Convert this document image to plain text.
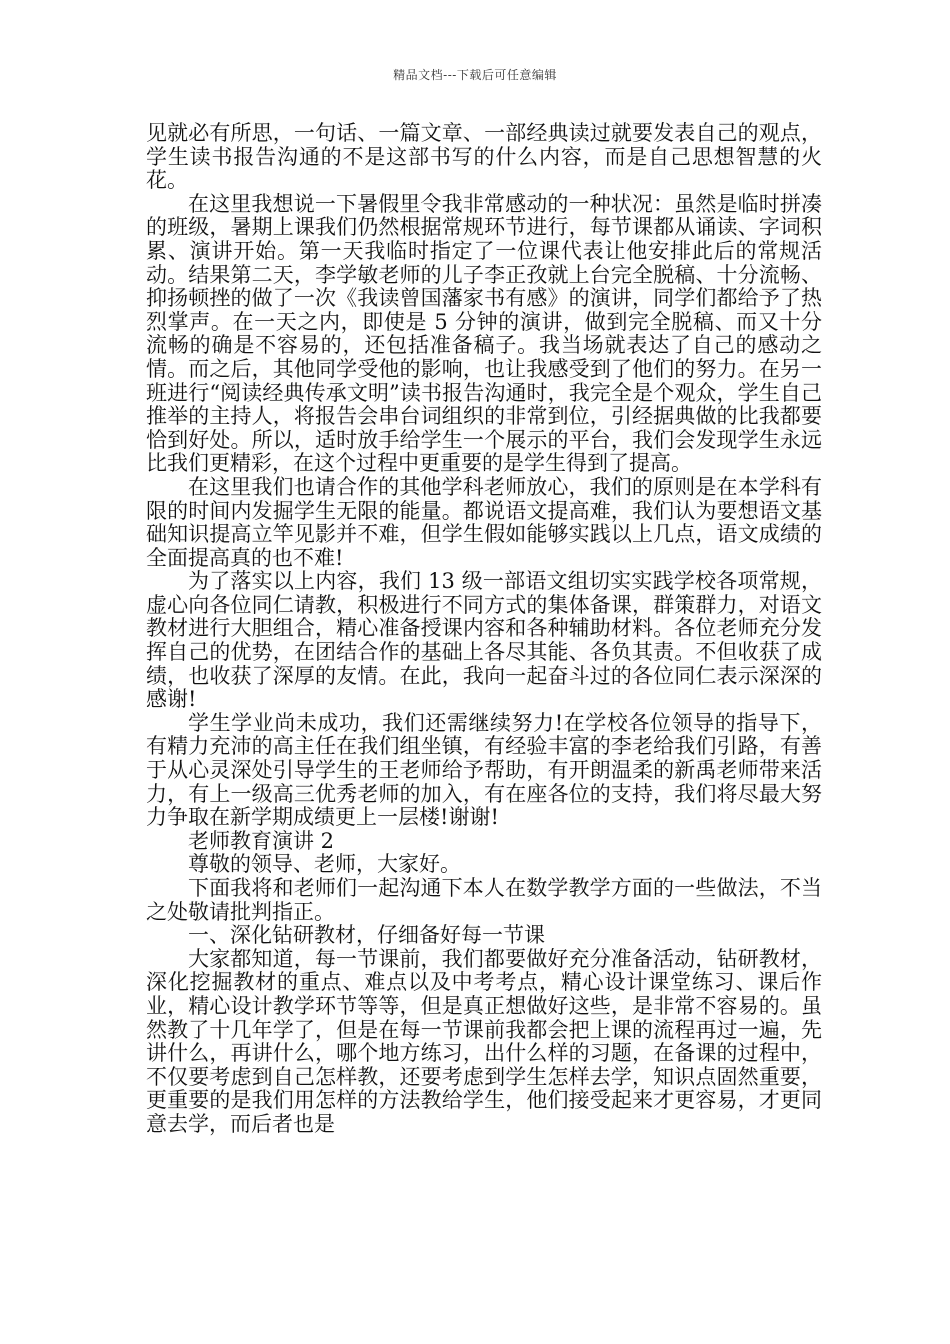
精品文档---下载后可任意编辑

见就必有所思，一句话、一篇文章、一部经典读过就要发表自己的观点，学生读书报告沟通的不是这部书写的什么内容，而是自己思想智慧的火花。

在这里我想说一下暑假里令我非常感动的一种状况：虽然是临时拼凑的班级，暑期上课我们仍然根据常规环节进行，每节课都从诵读、字词积累、演讲开始。第一天我临时指定了一位课代表让他安排此后的常规活动。结果第二天，李学敏老师的儿子李正孜就上台完全脱稿、十分流畅、抑扬顿挫的做了一次《我读曾国藩家书有感》的演讲，同学们都给予了热烈掌声。在一天之内，即使是 5 分钟的演讲，做到完全脱稿、而又十分流畅的确是不容易的，还包括准备稿子。我当场就表达了自己的感动之情。而之后，其他同学受他的影响，也让我感受到了他们的努力。在另一班进行“阅读经典传承文明”读书报告沟通时，我完全是个观众，学生自己推举的主持人，将报告会串台词组织的非常到位，引经据典做的比我都要恰到好处。所以，适时放手给学生一个展示的平台，我们会发现学生永远比我们更精彩，在这个过程中更重要的是学生得到了提高。

在这里我们也请合作的其他学科老师放心，我们的原则是在本学科有限的时间内发掘学生无限的能量。都说语文提高难，我们认为要想语文基础知识提高立竿见影并不难，但学生假如能够实践以上几点，语文成绩的全面提高真的也不难!

为了落实以上内容，我们 13 级一部语文组切实实践学校各项常规，虚心向各位同仁请教，积极进行不同方式的集体备课，群策群力，对语文教材进行大胆组合，精心准备授课内容和各种辅助材料。各位老师充分发挥自己的优势，在团结合作的基础上各尽其能、各负其责。不但收获了成绩，也收获了深厚的友情。在此，我向一起奋斗过的各位同仁表示深深的感谢!

学生学业尚未成功，我们还需继续努力!在学校各位领导的指导下，有精力充沛的高主任在我们组坐镇，有经验丰富的李老给我们引路，有善于从心灵深处引导学生的王老师给予帮助，有开朗温柔的新禹老师带来活力，有上一级高三优秀老师的加入，有在座各位的支持，我们将尽最大努力争取在新学期成绩更上一层楼!谢谢!

老师教育演讲 2

尊敬的领导、老师，大家好。

下面我将和老师们一起沟通下本人在数学教学方面的一些做法，不当之处敬请批判指正。

一、深化钻研教材，仔细备好每一节课

大家都知道，每一节课前，我们都要做好充分准备活动，钻研教材，深化挖掘教材的重点、难点以及中考考点，精心设计课堂练习、课后作业，精心设计教学环节等等，但是真正想做好这些，是非常不容易的。虽然教了十几年学了，但是在每一节课前我都会把上课的流程再过一遍，先讲什么，再讲什么，哪个地方练习，出什么样的习题，在备课的过程中，不仅要考虑到自己怎样教，还要考虑到学生怎样去学，知识点固然重要，更重要的是我们用怎样的方法教给学生，他们接受起来才更容易，才更同意去学，而后者也是
